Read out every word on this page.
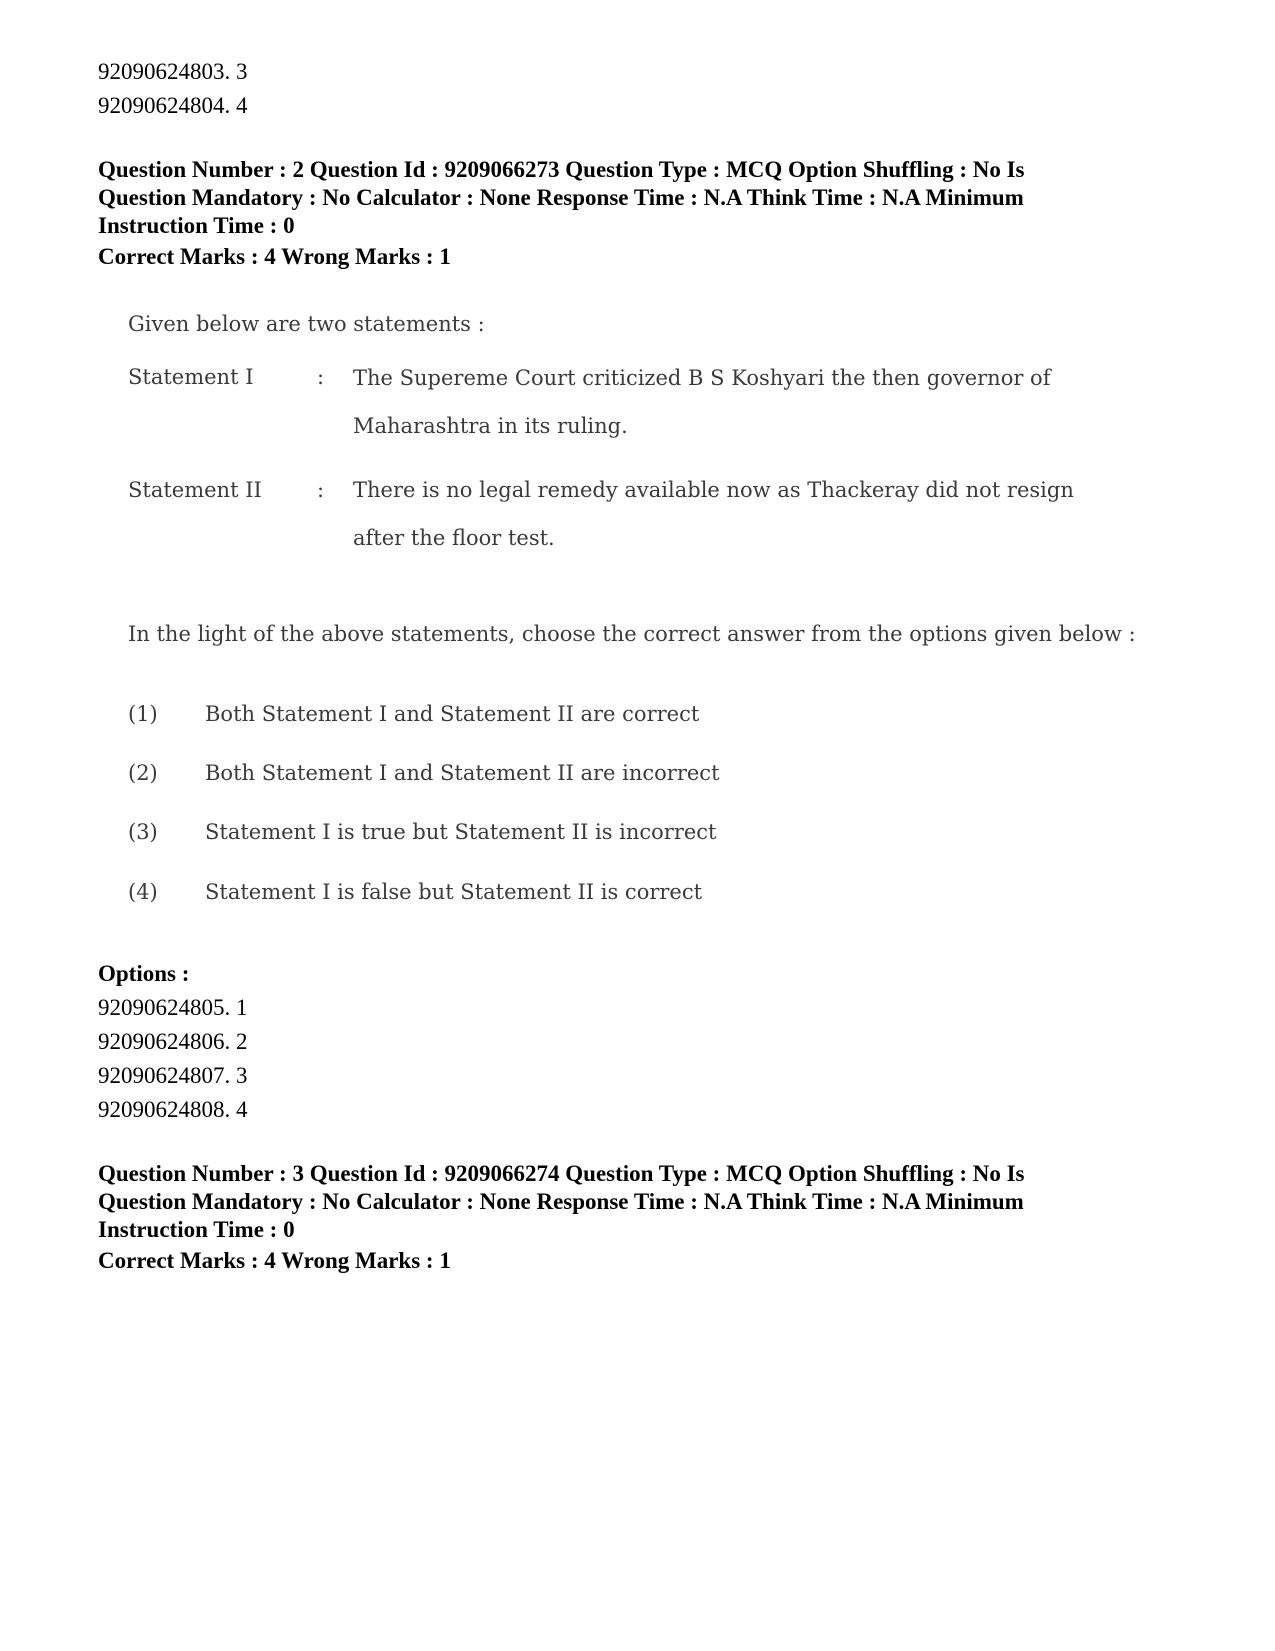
92090624803. 3
92090624804. 4
Question Number : 2 Question Id : 9209066273 Question Type : MCQ Option Shuffling : No Is
Question Mandatory : No Calculator : None Response Time : N.A Think Time : N.A Minimum
Instruction Time : 0
Correct Marks : 4 Wrong Marks : 1
Given below are two statements :
Statement I	: The Supereme Court criticized B S Koshyari the then governor of
Maharashtra in its ruling.
Statement II	: There is no legal remedy available now as Thackeray did not resign
after the floor test.
In the light of the above statements, choose the correct answer from the options given below :
(1) Both Statement I and Statement II are correct
(2) Both Statement I and Statement II are incorrect
(3) Statement I is true but Statement II is incorrect
(4) Statement I is false but Statement II is correct
Options :
92090624805. 1
92090624806. 2
92090624807. 3
92090624808. 4
Question Number : 3 Question Id : 9209066274 Question Type : MCQ Option Shuffling : No Is
Question Mandatory : No Calculator : None Response Time : N.A Think Time : N.A Minimum
Instruction Time : 0
Correct Marks : 4 Wrong Marks : 1
